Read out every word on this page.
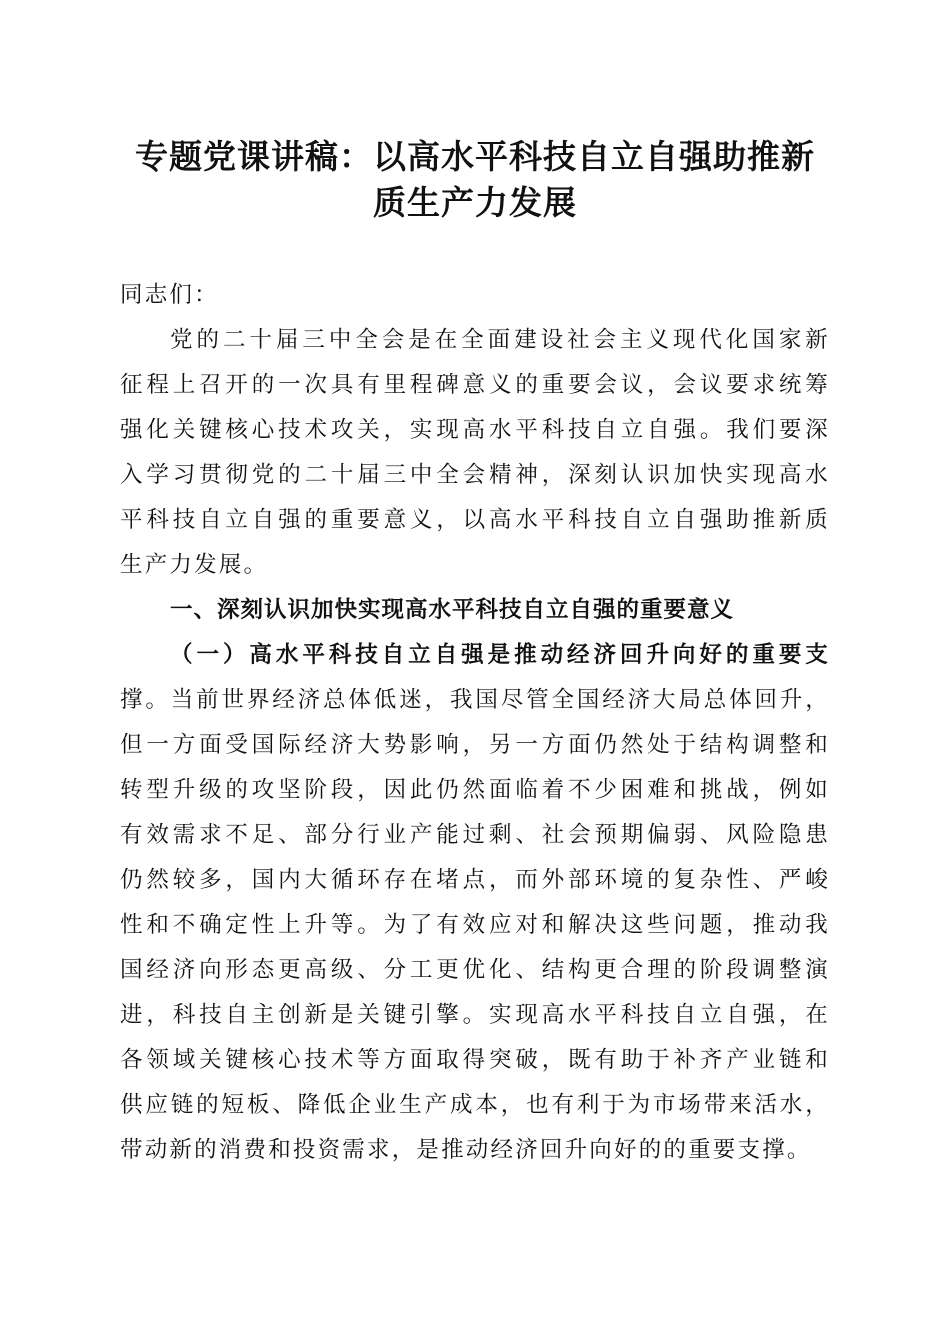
专题党课讲稿：以高水平科技自立自强助推新
质生产力发展
同志们：
党的二十届三中全会是在全面建设社会主义现代化国家新
征程上召开的一次具有里程碑意义的重要会议，会议要求统筹
强化关键核心技术攻关，实现高水平科技自立自强。我们要深
入学习贯彻党的二十届三中全会精神，深刻认识加快实现高水
平科技自立自强的重要意义，以高水平科技自立自强助推新质
生产力发展。
一、深刻认识加快实现高水平科技自立自强的重要意义
（一）高水平科技自立自强是推动经济回升向好的重要支
撑。当前世界经济总体低迷，我国尽管全国经济大局总体回升，
但一方面受国际经济大势影响，另一方面仍然处于结构调整和
转型升级的攻坚阶段，因此仍然面临着不少困难和挑战，例如
有效需求不足、部分行业产能过剩、社会预期偏弱、风险隐患
仍然较多，国内大循环存在堵点，而外部环境的复杂性、严峻
性和不确定性上升等。为了有效应对和解决这些问题，推动我
国经济向形态更高级、分工更优化、结构更合理的阶段调整演
进，科技自主创新是关键引擎。实现高水平科技自立自强，在
各领域关键核心技术等方面取得突破，既有助于补齐产业链和
供应链的短板、降低企业生产成本，也有利于为市场带来活水，
带动新的消费和投资需求，是推动经济回升向好的的重要支撑。
